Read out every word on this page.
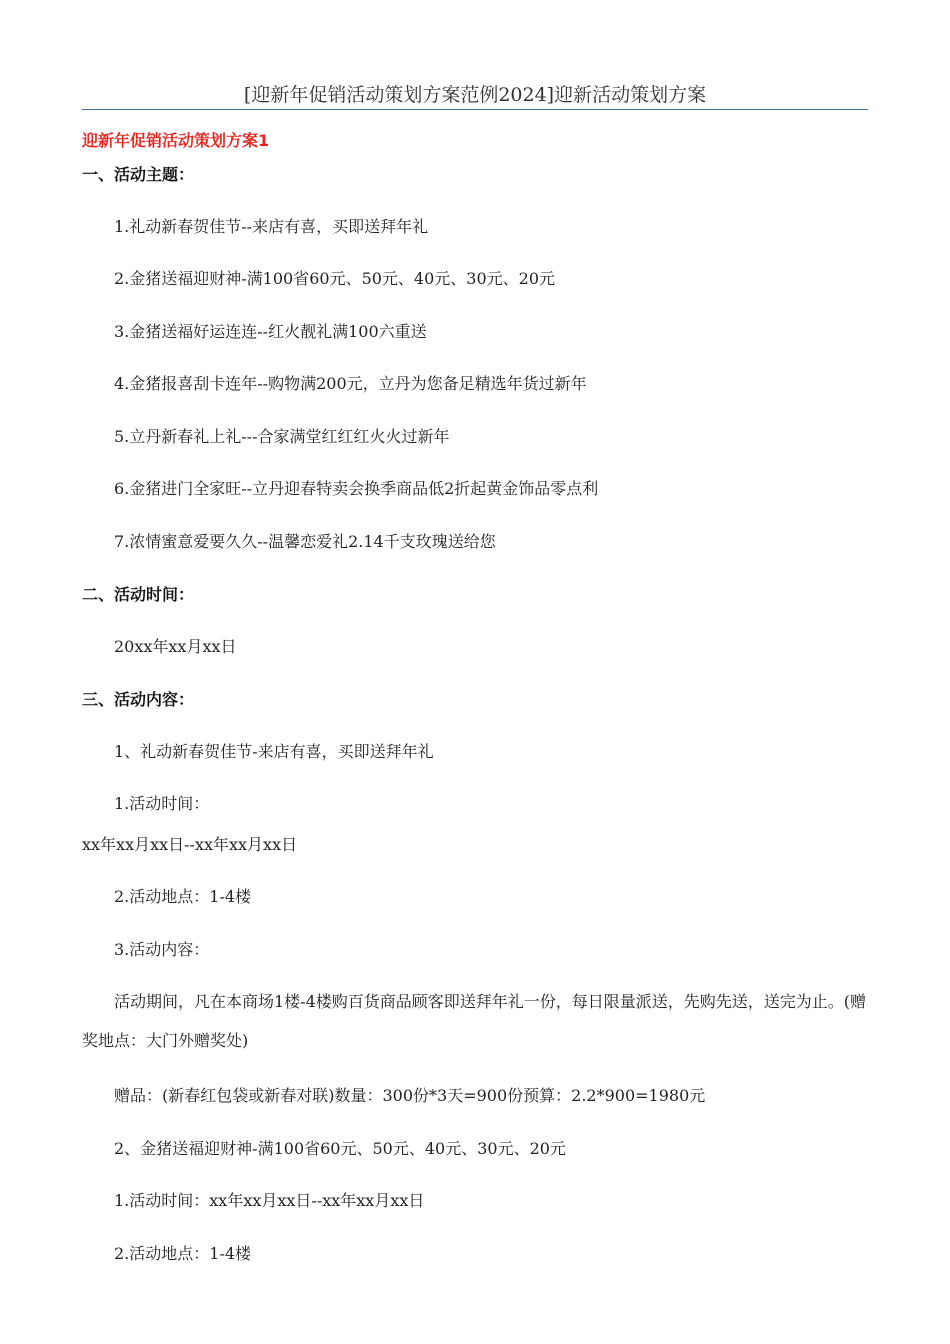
[迎新年促销活动策划方案范例2024]迎新活动策划方案
迎新年促销活动策划方案1
一、活动主题：
1.礼动新春贺佳节--来店有喜，买即送拜年礼
2.金猪送福迎财神-满100省60元、50元、40元、30元、20元
3.金猪送福好运连连--红火靓礼满100六重送
4.金猪报喜刮卡连年--购物满200元，立丹为您备足精选年货过新年
5.立丹新春礼上礼---合家满堂红红红火火过新年
6.金猪进门全家旺--立丹迎春特卖会换季商品低2折起黄金饰品零点利
7.浓情蜜意爱要久久--温馨恋爱礼2.14千支玫瑰送给您
二、活动时间：
20xx年xx月xx日
三、活动内容：
1、礼动新春贺佳节-来店有喜，买即送拜年礼
1.活动时间：
xx年xx月xx日--xx年xx月xx日
2.活动地点：1-4楼
3.活动内容：
活动期间，凡在本商场1楼-4楼购百货商品顾客即送拜年礼一份，每日限量派送，先购先送，送完为止。(赠奖地点：大门外赠奖处)
赠品：(新春红包袋或新春对联)数量：300份*3天=900份预算：2.2*900=1980元
2、金猪送福迎财神-满100省60元、50元、40元、30元、20元
1.活动时间：xx年xx月xx日--xx年xx月xx日
2.活动地点：1-4楼
